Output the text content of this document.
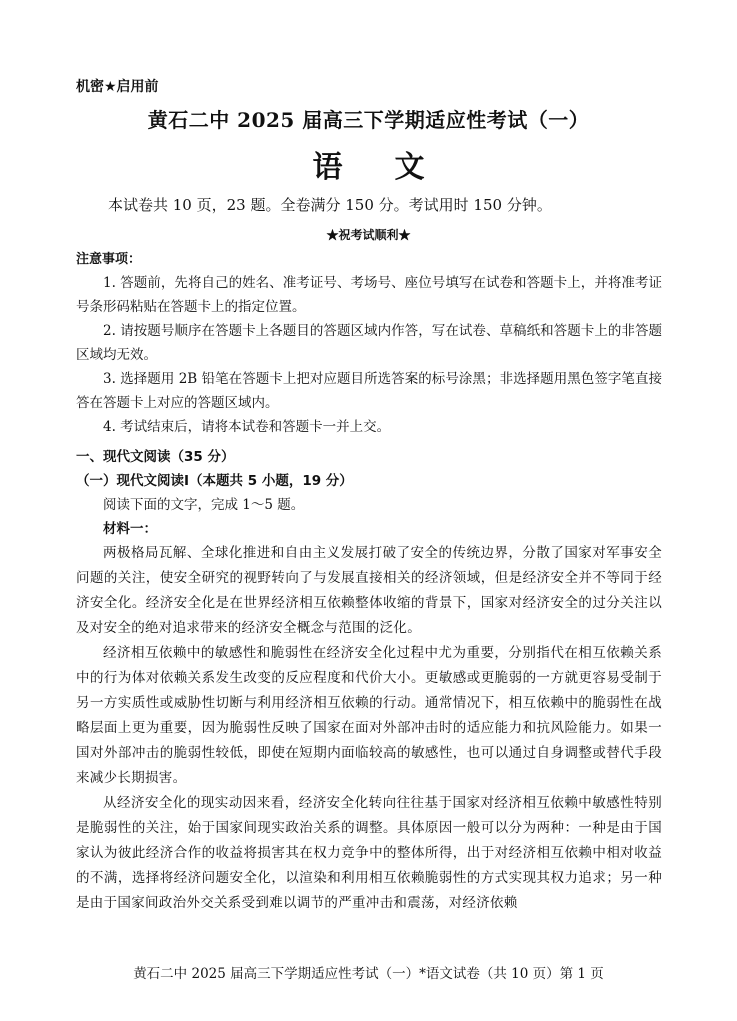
机密★启用前
黄石二中 2025 届高三下学期适应性考试（一）
语文
本试卷共 10 页，23 题。全卷满分 150 分。考试用时 150 分钟。
★祝考试顺利★
注意事项：

1. 答题前，先将自己的姓名、准考证号、考场号、座位号填写在试卷和答题卡上，并将准考证号条形码粘贴在答题卡上的指定位置。

2. 请按题号顺序在答题卡上各题目的答题区域内作答，写在试卷、草稿纸和答题卡上的非答题区域均无效。

3. 选择题用 2B 铅笔在答题卡上把对应题目所选答案的标号涂黑；非选择题用黑色签字笔直接答在答题卡上对应的答题区域内。

4. 考试结束后，请将本试卷和答题卡一并上交。

一、现代文阅读（35 分）
（一）现代文阅读Ⅰ（本题共 5 小题，19 分）

阅读下面的文字，完成 1～5 题。

材料一：

两极格局瓦解、全球化推进和自由主义发展打破了安全的传统边界，分散了国家对军事安全问题的关注，使安全研究的视野转向了与发展直接相关的经济领域，但是经济安全并不等同于经济安全化。经济安全化是在世界经济相互依赖整体收缩的背景下，国家对经济安全的过分关注以及对安全的绝对追求带来的经济安全概念与范围的泛化。

经济相互依赖中的敏感性和脆弱性在经济安全化过程中尤为重要，分别指代在相互依赖关系中的行为体对依赖关系发生改变的反应程度和代价大小。更敏感或更脆弱的一方就更容易受制于另一方实质性或威胁性切断与利用经济相互依赖的行动。通常情况下，相互依赖中的脆弱性在战略层面上更为重要，因为脆弱性反映了国家在面对外部冲击时的适应能力和抗风险能力。如果一国对外部冲击的脆弱性较低，即使在短期内面临较高的敏感性，也可以通过自身调整或替代手段来减少长期损害。

从经济安全化的现实动因来看，经济安全化转向往往基于国家对经济相互依赖中敏感性特别是脆弱性的关注，始于国家间现实政治关系的调整。具体原因一般可以分为两种：一种是由于国家认为彼此经济合作的收益将损害其在权力竞争中的整体所得，出于对经济相互依赖中相对收益的不满，选择将经济问题安全化，以渲染和利用相互依赖脆弱性的方式实现其权力追求；另一种是由于国家间政治外交关系受到难以调节的严重冲击和震荡，对经济依赖

黄石二中 2025 届高三下学期适应性考试（一）*语文试卷（共 10 页）第 1 页
